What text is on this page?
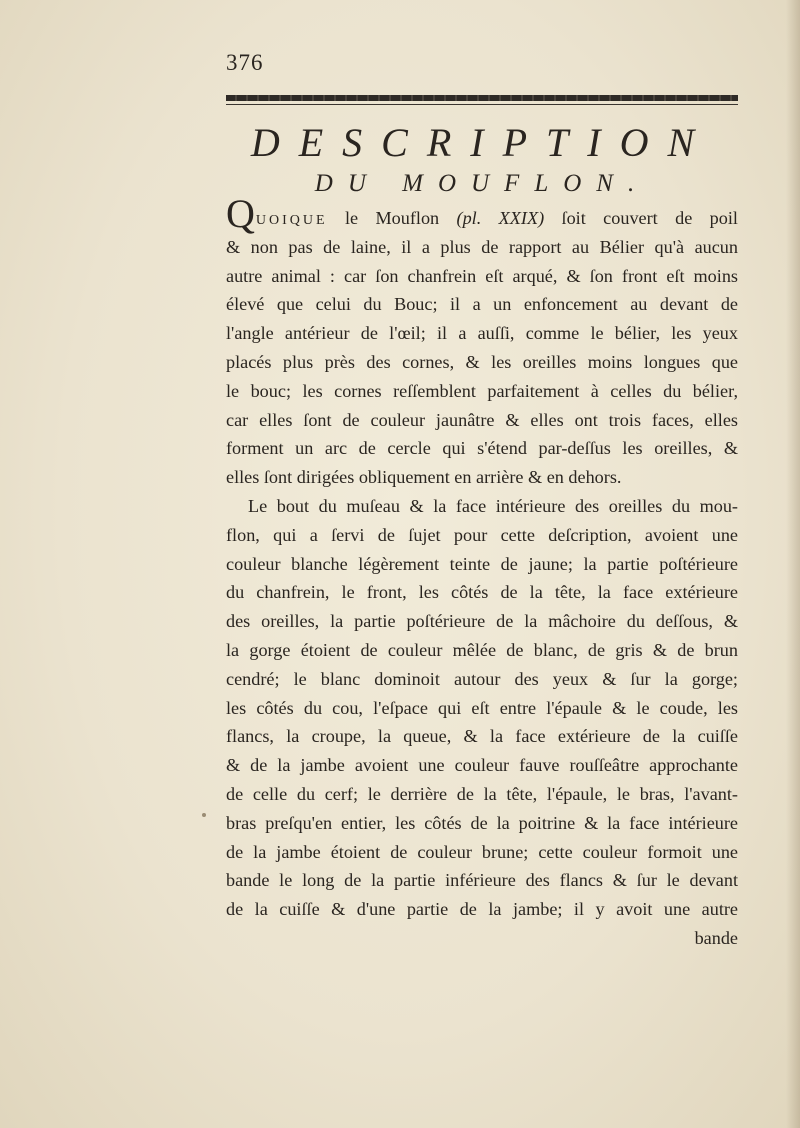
376
DESCRIPTION
DU MOUFLON.
QUOIQUE le Mouflon (pl. XXIX) ſoit couvert de poil
& non pas de laine, il a plus de rapport au Bélier qu'à aucun
autre animal : car ſon chanfrein eſt arqué, & ſon front eſt moins
élevé que celui du Bouc; il a un enfoncement au devant de
l'angle antérieur de l'œil; il a auſſi, comme le bélier, les yeux
placés plus près des cornes, & les oreilles moins longues que
le bouc; les cornes reſſemblent parfaitement à celles du bélier,
car elles ſont de couleur jaunâtre & elles ont trois faces, elles
forment un arc de cercle qui s'étend par-deſſus les oreilles, &
elles ſont dirigées obliquement en arrière & en dehors.
Le bout du muſeau & la face intérieure des oreilles du mou-
flon, qui a ſervi de ſujet pour cette deſcription, avoient une
couleur blanche légèrement teinte de jaune; la partie poſtérieure
du chanfrein, le front, les côtés de la tête, la face extérieure
des oreilles, la partie poſtérieure de la mâchoire du deſſous, &
la gorge étoient de couleur mêlée de blanc, de gris & de brun
cendré; le blanc dominoit autour des yeux & ſur la gorge;
les côtés du cou, l'eſpace qui eſt entre l'épaule & le coude, les
flancs, la croupe, la queue, & la face extérieure de la cuiſſe
& de la jambe avoient une couleur fauve rouſſeâtre approchante
de celle du cerf; le derrière de la tête, l'épaule, le bras, l'avant-
bras preſqu'en entier, les côtés de la poitrine & la face intérieure
de la jambe étoient de couleur brune; cette couleur formoit une
bande le long de la partie inférieure des flancs & ſur le devant
de la cuiſſe & d'une partie de la jambe; il y avoit une autre
bande
